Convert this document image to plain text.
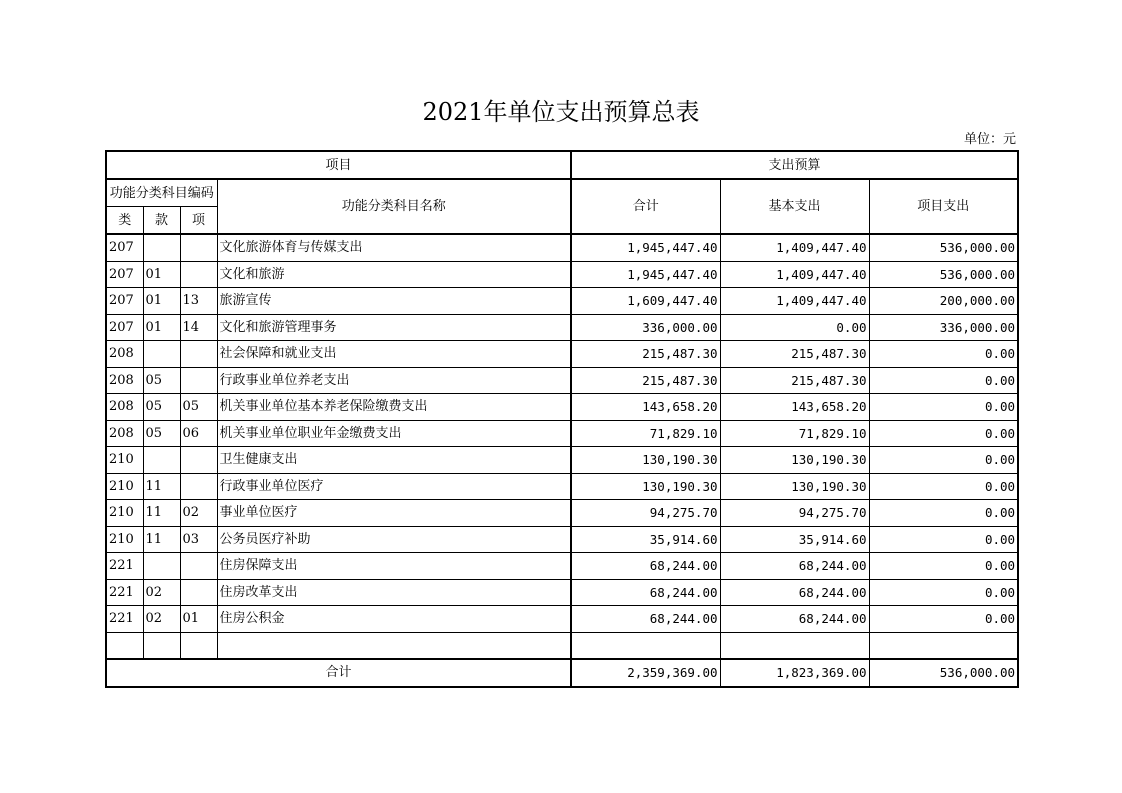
2021年单位支出预算总表
单位：元
项目				支出预算		
功能分类科目编码			功能分类科目名称	合计	基本支出	项目支出
类	款	项				
207			文化旅游体育与传媒支出	1,945,447.40	1,409,447.40	536,000.00
207	01		文化和旅游	1,945,447.40	1,409,447.40	536,000.00
207	01	13	旅游宣传	1,609,447.40	1,409,447.40	200,000.00
207	01	14	文化和旅游管理事务	336,000.00	0.00	336,000.00
208			社会保障和就业支出	215,487.30	215,487.30	0.00
208	05		行政事业单位养老支出	215,487.30	215,487.30	0.00
208	05	05	机关事业单位基本养老保险缴费支出	143,658.20	143,658.20	0.00
208	05	06	机关事业单位职业年金缴费支出	71,829.10	71,829.10	0.00
210			卫生健康支出	130,190.30	130,190.30	0.00
210	11		行政事业单位医疗	130,190.30	130,190.30	0.00
210	11	02	事业单位医疗	94,275.70	94,275.70	0.00
210	11	03	公务员医疗补助	35,914.60	35,914.60	0.00
221			住房保障支出	68,244.00	68,244.00	0.00
221	02		住房改革支出	68,244.00	68,244.00	0.00
221	02	01	住房公积金	68,244.00	68,244.00	0.00

合计				2,359,369.00	1,823,369.00	536,000.00
